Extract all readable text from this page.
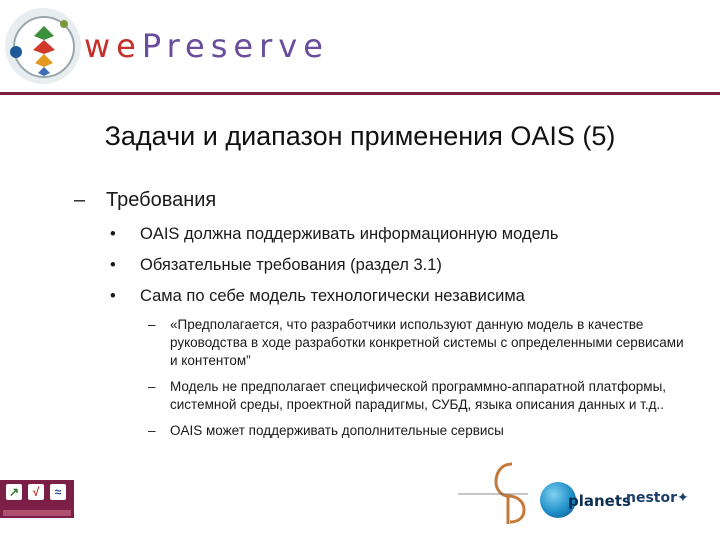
wePreserve
Задачи и диапазон применения OAIS (5)
– Требования
• OAIS должна поддерживать информационную модель
• Обязательные требования (раздел 3.1)
• Сама по себе модель технологически независима
– «Предполагается, что разработчики используют данную модель в качестве руководства в ходе разработки конкретной системы с определенными сервисами и контентом”
– Модель не предполагает специфической программно-аппаратной платформы, системной среды, проектной парадигмы, СУБД, языка описания данных и т.д..
– OAIS может поддерживать дополнительные сервисы
↗	√	≈	planets
nestor✦
